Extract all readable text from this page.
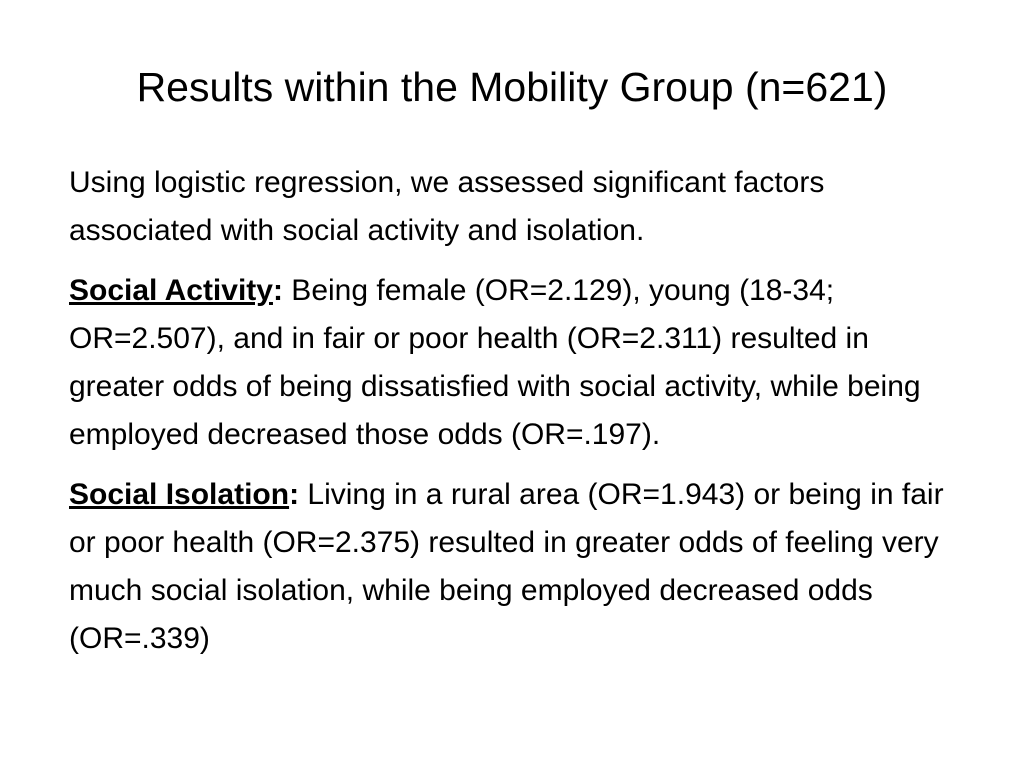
Results within the Mobility Group (n=621)

Using logistic regression, we assessed significant factors associated with social activity and isolation.

Social Activity: Being female (OR=2.129), young (18-34; OR=2.507), and in fair or poor health (OR=2.311) resulted in greater odds of being dissatisfied with social activity, while being employed decreased those odds (OR=.197).

Social Isolation: Living in a rural area (OR=1.943) or being in fair or poor health (OR=2.375) resulted in greater odds of feeling very much social isolation, while being employed decreased odds (OR=.339)
